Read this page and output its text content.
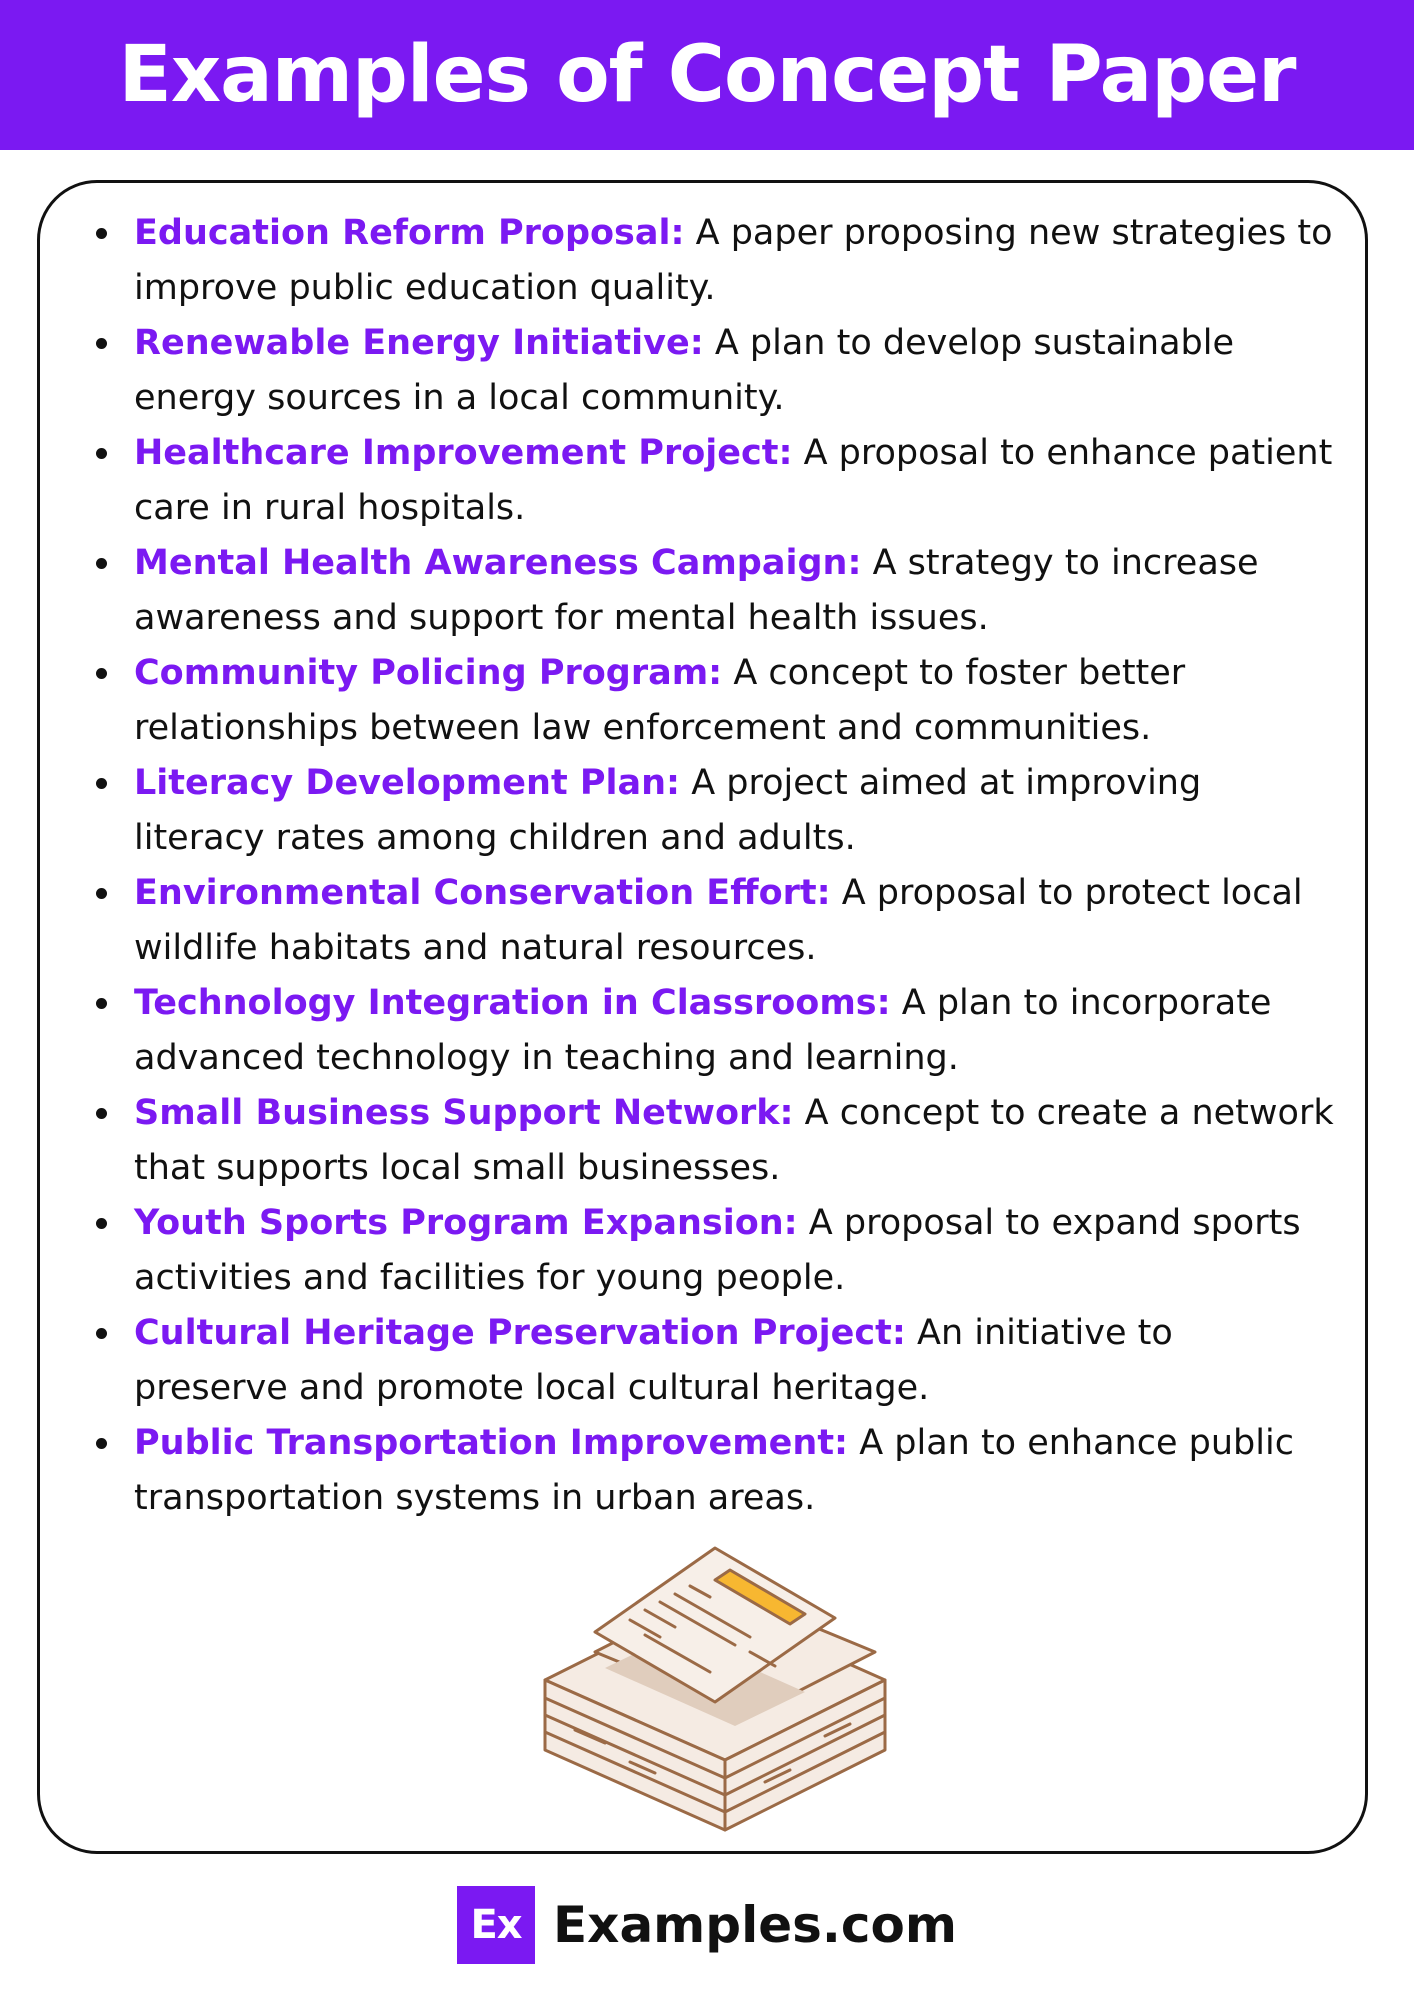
Examples of Concept Paper
Education Reform Proposal: A paper proposing new strategies to improve public education quality.
Renewable Energy Initiative: A plan to develop sustainable energy sources in a local community.
Healthcare Improvement Project: A proposal to enhance patient care in rural hospitals.
Mental Health Awareness Campaign: A strategy to increase awareness and support for mental health issues.
Community Policing Program: A concept to foster better relationships between law enforcement and communities.
Literacy Development Plan: A project aimed at improving literacy rates among children and adults.
Environmental Conservation Effort: A proposal to protect local wildlife habitats and natural resources.
Technology Integration in Classrooms: A plan to incorporate advanced technology in teaching and learning.
Small Business Support Network: A concept to create a network that supports local small businesses.
Youth Sports Program Expansion: A proposal to expand sports activities and facilities for young people.
Cultural Heritage Preservation Project: An initiative to preserve and promote local cultural heritage.
Public Transportation Improvement: A plan to enhance public transportation systems in urban areas.
Ex Examples.com
